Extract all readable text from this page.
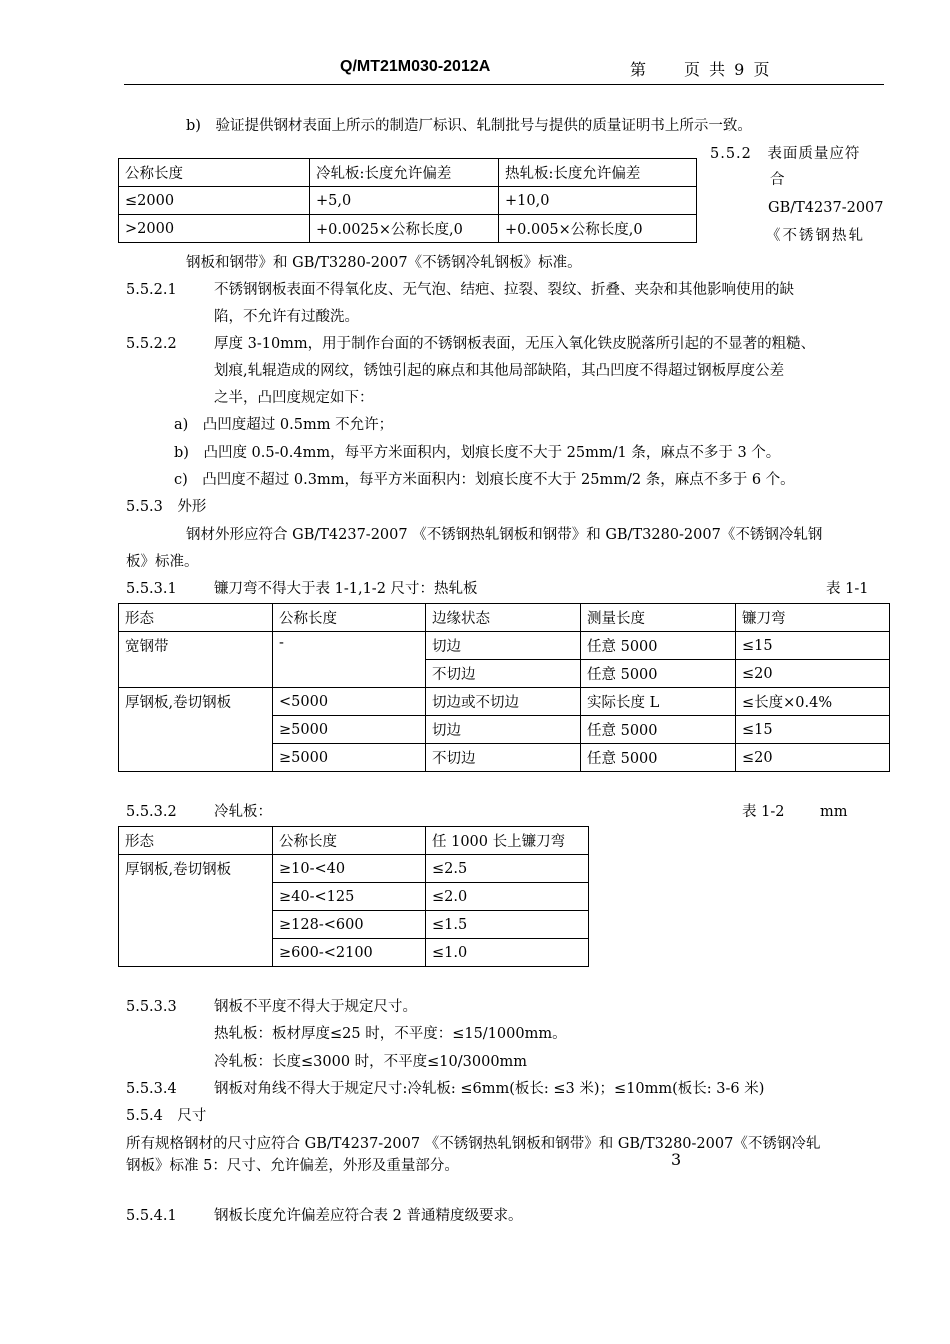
Q/MT21M030-2012A	第　　页 共 9 页
b)　验证提供钢材表面上所示的制造厂标识、轧制批号与提供的质量证明书上所示一致。
公称长度	冷轧板:长度允许偏差	热轧板:长度允许偏差
≤2000	+5,0	+10,0
>2000	+0.0025×公称长度,0	+0.005×公称长度,0
5.5.2　表面质量应符
合
GB/T4237-2007
《不锈钢热轧
钢板和钢带》和 GB/T3280-2007《不锈钢冷轧钢板》标准。
5.5.2.1	不锈钢钢板表面不得氧化皮、无气泡、结疤、拉裂、裂纹、折叠、夹杂和其他影响使用的缺
陷，不允许有过酸洗。
5.5.2.2	厚度 3-10mm，用于制作台面的不锈钢板表面，无压入氧化铁皮脱落所引起的不显著的粗糙、
划痕,轧辊造成的网纹，锈蚀引起的麻点和其他局部缺陷，其凸凹度不得超过钢板厚度公差
之半，凸凹度规定如下：
a)　凸凹度超过 0.5mm 不允许；
b)　凸凹度 0.5-0.4mm，每平方米面积内，划痕长度不大于 25mm/1 条，麻点不多于 3 个。
c)　凸凹度不超过 0.3mm，每平方米面积内：划痕长度不大于 25mm/2 条，麻点不多于 6 个。
5.5.3　外形
钢材外形应符合 GB/T4237-2007 《不锈钢热轧钢板和钢带》和 GB/T3280-2007《不锈钢冷轧钢
板》标准。
5.5.3.1	镰刀弯不得大于表 1-1,1-2 尺寸：热轧板	表 1-1
形态	公称长度	边缘状态	测量长度	镰刀弯
宽钢带	-	切边	任意 5000	≤15
		不切边	任意 5000	≤20
厚钢板,卷切钢板	<5000	切边或不切边	实际长度 L	≤长度×0.4%
	≥5000	切边	任意 5000	≤15
	≥5000	不切边	任意 5000	≤20
5.5.3.2	冷轧板：	表 1-2 mm
形态	公称长度	任 1000 长上镰刀弯
厚钢板,卷切钢板	≥10-<40	≤2.5
	≥40-<125	≤2.0
	≥128-<600	≤1.5
	≥600-<2100	≤1.0
5.5.3.3	钢板不平度不得大于规定尺寸。
热轧板：板材厚度≤25 时，不平度：≤15/1000mm。
冷轧板：长度≤3000 时，不平度≤10/3000mm
5.5.3.4	钢板对角线不得大于规定尺寸:冷轧板: ≤6mm(板长: ≤3 米)；≤10mm(板长: 3-6 米)
5.5.4　尺寸
所有规格钢材的尺寸应符合 GB/T4237-2007 《不锈钢热轧钢板和钢带》和 GB/T3280-2007《不锈钢冷轧
钢板》标准 5：尺寸、允许偏差，外形及重量部分。	3
5.5.4.1	钢板长度允许偏差应符合表 2 普通精度级要求。
